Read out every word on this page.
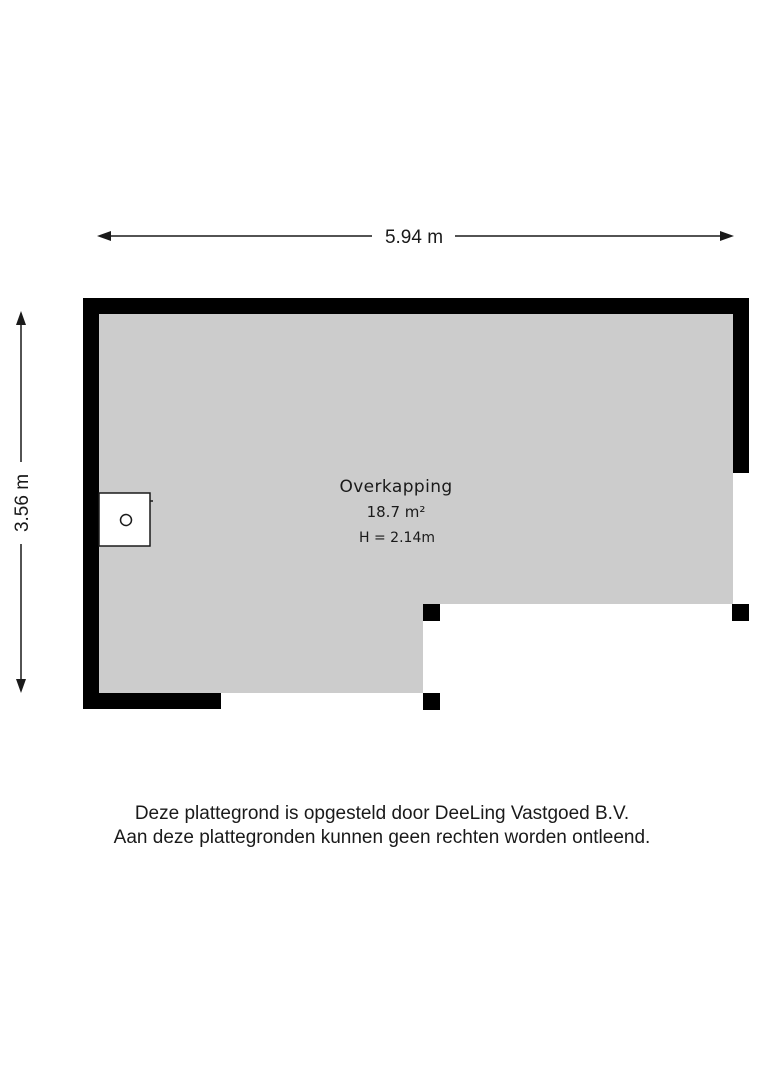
5.94 m
3.56 m	Overkapping
18.7 m²
H = 2.14m
Deze plattegrond is opgesteld door DeeLing Vastgoed B.V.
Aan deze plattegronden kunnen geen rechten worden ontleend.
